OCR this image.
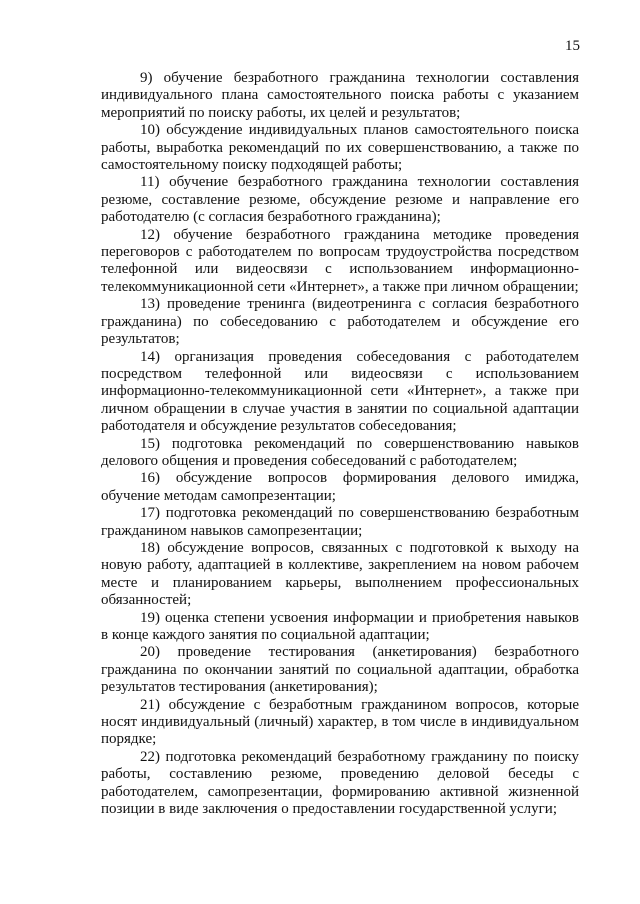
15

9) обучение безработного гражданина технологии составления индивидуального плана самостоятельного поиска работы с указанием мероприятий по поиску работы, их целей и результатов;

10) обсуждение индивидуальных планов самостоятельного поиска работы, выработка рекомендаций по их совершенствованию, а также по самостоятельному поиску подходящей работы;

11) обучение безработного гражданина технологии составления резюме, составление резюме, обсуждение резюме и направление его работодателю (с согласия безработного гражданина);

12) обучение безработного гражданина методике проведения переговоров с работодателем по вопросам трудоустройства посредством телефонной или видеосвязи с использованием информационно-телекоммуникационной сети «Интернет», а также при личном обращении;

13) проведение тренинга (видеотренинга с согласия безработного гражданина) по собеседованию с работодателем и обсуждение его результатов;

14) организация проведения собеседования с работодателем посредством телефонной или видеосвязи с использованием информационно-телекоммуникационной сети «Интернет», а также при личном обращении в случае участия в занятии по социальной адаптации работодателя и обсуждение результатов собеседования;

15) подготовка рекомендаций по совершенствованию навыков делового общения и проведения собеседований с работодателем;

16) обсуждение вопросов формирования делового имиджа, обучение методам самопрезентации;

17) подготовка рекомендаций по совершенствованию безработным гражданином навыков самопрезентации;

18) обсуждение вопросов, связанных с подготовкой к выходу на новую работу, адаптацией в коллективе, закреплением на новом рабочем месте и планированием карьеры, выполнением профессиональных обязанностей;

19) оценка степени усвоения информации и приобретения навыков в конце каждого занятия по социальной адаптации;

20) проведение тестирования (анкетирования) безработного гражданина по окончании занятий по социальной адаптации, обработка результатов тестирования (анкетирования);

21) обсуждение с безработным гражданином вопросов, которые носят индивидуальный (личный) характер, в том числе в индивидуальном порядке;

22) подготовка рекомендаций безработному гражданину по поиску работы, составлению резюме, проведению деловой беседы с работодателем, самопрезентации, формированию активной жизненной позиции в виде заключения о предоставлении государственной услуги;
